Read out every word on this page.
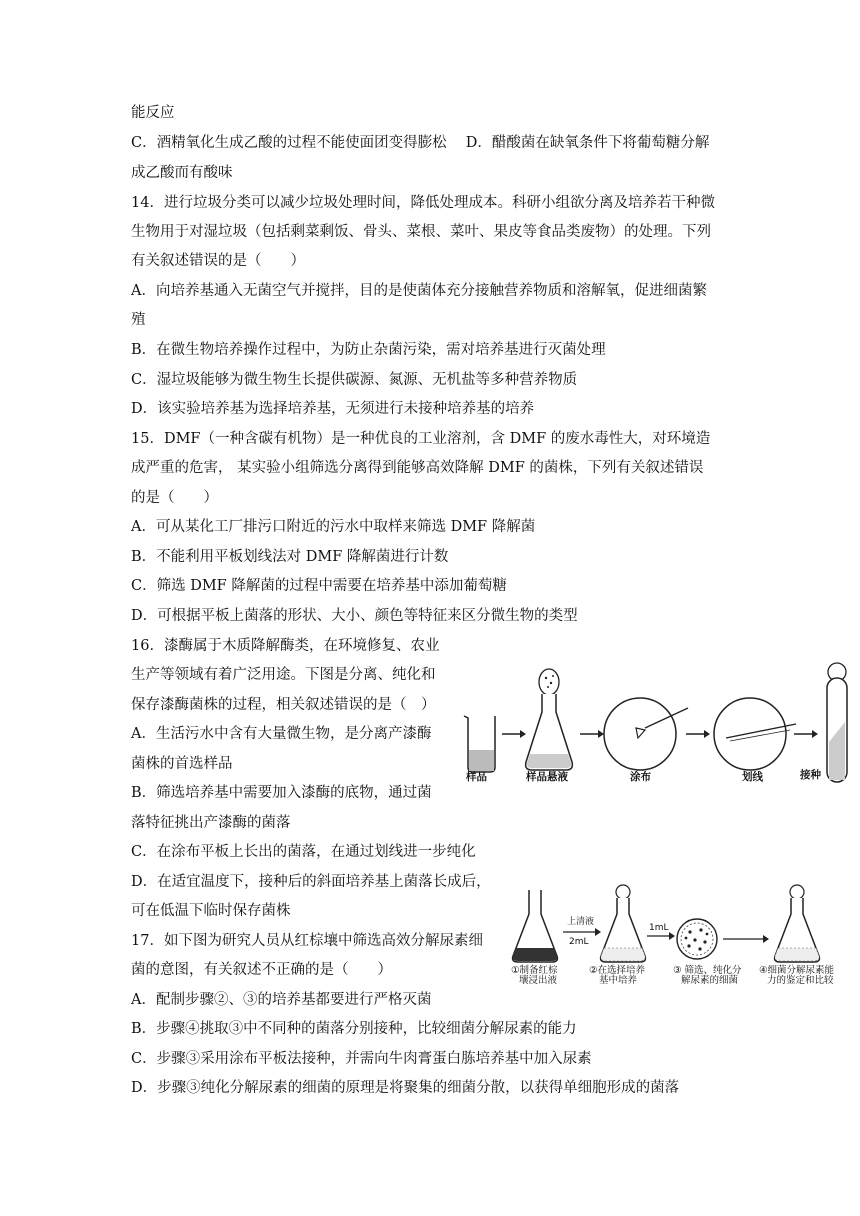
能反应
C．酒精氧化生成乙酸的过程不能使面团变得膨松 　D．醋酸菌在缺氧条件下将葡萄糖分解
成乙酸而有酸味
14．进行垃圾分类可以减少垃圾处理时间，降低处理成本。科研小组欲分离及培养若干种微
生物用于对湿垃圾（包括剩菜剩饭、骨头、菜根、菜叶、果皮等食品类废物）的处理。下列
有关叙述错误的是（　　）
A．向培养基通入无菌空气并搅拌，目的是使菌体充分接触营养物质和溶解氧，促进细菌繁
殖
B．在微生物培养操作过程中，为防止杂菌污染，需对培养基进行灭菌处理
C．湿垃圾能够为微生物生长提供碳源、氮源、无机盐等多种营养物质
D．该实验培养基为选择培养基，无须进行未接种培养基的培养
15．DMF（一种含碳有机物）是一种优良的工业溶剂，含 DMF 的废水毒性大，对环境造
成严重的危害， 某实验小组筛选分离得到能够高效降解 DMF 的菌株，下列有关叙述错误
的是（　　）
A．可从某化工厂排污口附近的污水中取样来筛选 DMF 降解菌
B．不能利用平板划线法对 DMF 降解菌进行计数
C．筛选 DMF 降解菌的过程中需要在培养基中添加葡萄糖
D．可根据平板上菌落的形状、大小、颜色等特征来区分微生物的类型
16．漆酶属于木质降解酶类，在环境修复、农业
生产等领域有着广泛用途。下图是分离、纯化和
保存漆酶菌株的过程，相关叙述错误的是（　）
A．生活污水中含有大量微生物，是分离产漆酶
菌株的首选样品
B．筛选培养基中需要加入漆酶的底物，通过菌
落特征挑出产漆酶的菌落
C．在涂布平板上长出的菌落，在通过划线进一步纯化
D．在适宜温度下，接种后的斜面培养基上菌落长成后，
可在低温下临时保存菌株
17．如下图为研究人员从红棕壤中筛选高效分解尿素细
菌的意图，有关叙述不正确的是（　　）
A．配制步骤②、③的培养基都要进行严格灭菌
B．步骤④挑取③中不同种的菌落分别接种，比较细菌分解尿素的能力
C．步骤③采用涂布平板法接种，并需向牛肉膏蛋白胨培养基中加入尿素
D．步骤③纯化分解尿素的细菌的原理是将聚集的细菌分散，以获得单细胞形成的菌落
样品	样品悬液	涂布	划线	接种
①制备红棕
壤浸出液
上清液
2mL
②在选择培养
基中培养
1mL
③ 筛选、纯化分
解尿素的细菌
④细菌分解尿素能
力的鉴定和比较
